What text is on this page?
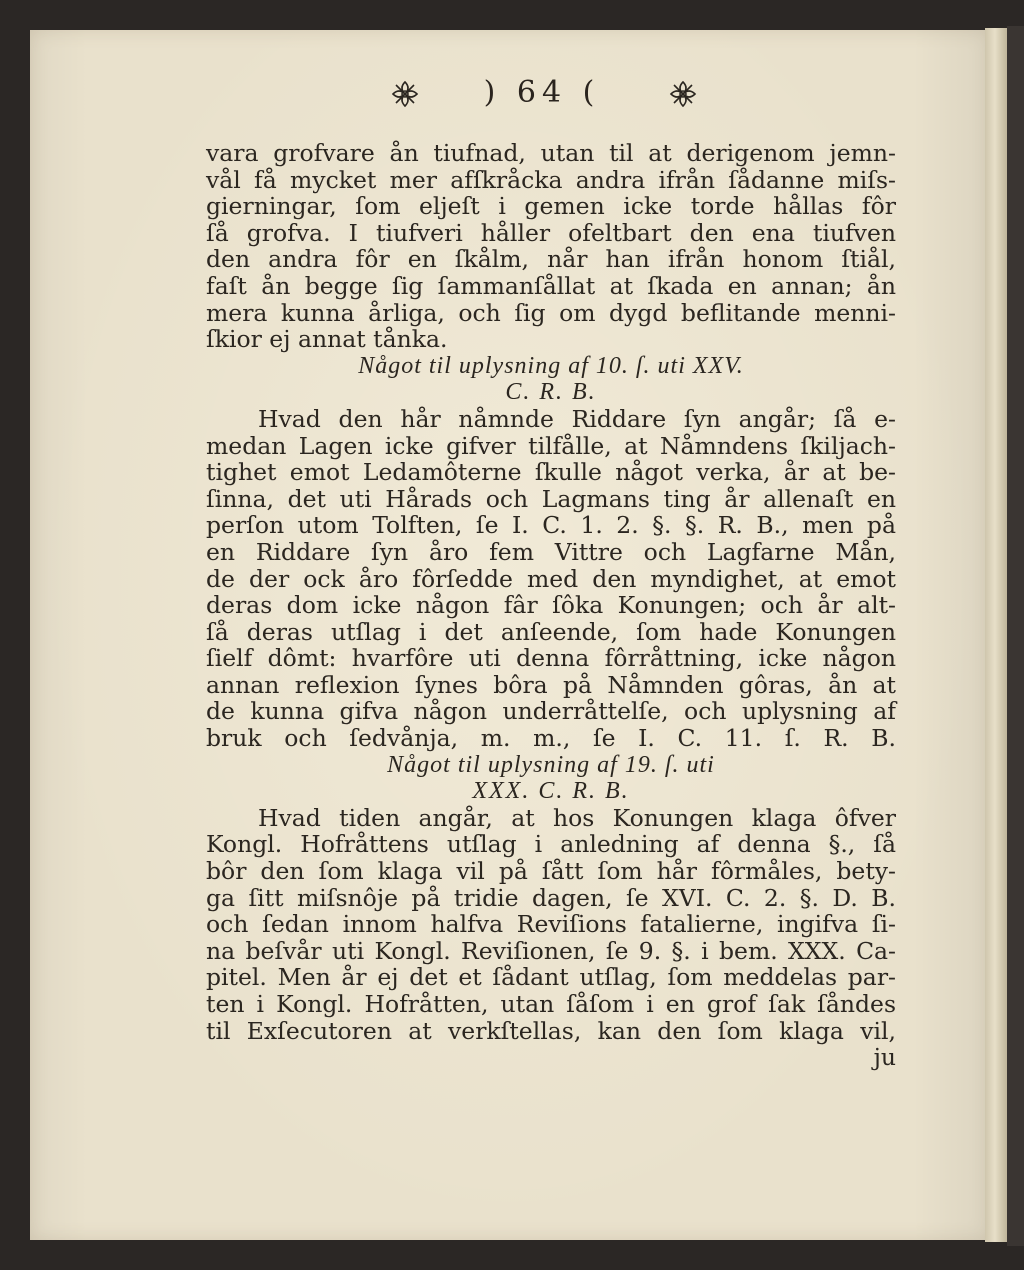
) 64 (
vara grofvare ån tiufnad, utan til at derigenom jemn-
vål få mycket mer afſkråcka andra ifrån ſådanne miſs-
gierningar, ſom eljeſt i gemen icke torde hållas fôr
ſå grofva. I tiufveri håller ofeltbart den ena tiufven
den andra fôr en ſkålm, når han ifrån honom ſtiål,
faſt ån begge ſig ſammanſållat at ſkada en annan; ån
mera kunna årliga, och ſig om dygd beflitande menni-
ſkior ej annat tånka.
Något til uplysning af 10. ſ. uti XXV.
C. R. B.
Hvad den hår nåmnde Riddare ſyn angår; ſå e-
medan Lagen icke gifver tilfålle, at Nåmndens ſkiljach-
tighet emot Ledamôterne ſkulle något verka, år at be-
ſinna, det uti Hårads och Lagmans ting år allenaſt en
perſon utom Tolften, ſe I. C. 1. 2. §. §. R. B., men på
en Riddare ſyn åro fem Vittre och Lagfarne Mån,
de der ock åro fôrſedde med den myndighet, at emot
deras dom icke någon fâr ſôka Konungen; och år alt-
ſå deras utſlag i det anſeende, ſom hade Konungen
ſielf dômt: hvarfôre uti denna fôrråttning, icke någon
annan reflexion ſynes bôra på Nåmnden gôras, ån at
de kunna gifva någon underråttelſe, och uplysning af
bruk och ſedvånja, m. m., ſe I. C. 11. ſ. R. B.
Något til uplysning af 19. ſ. uti
XXX. C. R. B.
Hvad tiden angår, at hos Konungen klaga ôfver
Kongl. Hofråttens utſlag i anledning af denna §., ſå
bôr den ſom klaga vil på ſått ſom hår fôrmåles, bety-
ga ſitt miſsnôje på tridie dagen, ſe XVI. C. 2. §. D. B.
och ſedan innom halfva Reviſions fatalierne, ingifva ſi-
na beſvår uti Kongl. Reviſionen, ſe 9. §. i bem. XXX. Ca-
pitel. Men år ej det et ſådant utſlag, ſom meddelas par-
ten i Kongl. Hofråtten, utan ſåſom i en grof ſak ſåndes
til Exſecutoren at verkſtellas, kan den ſom klaga vil,
ju
